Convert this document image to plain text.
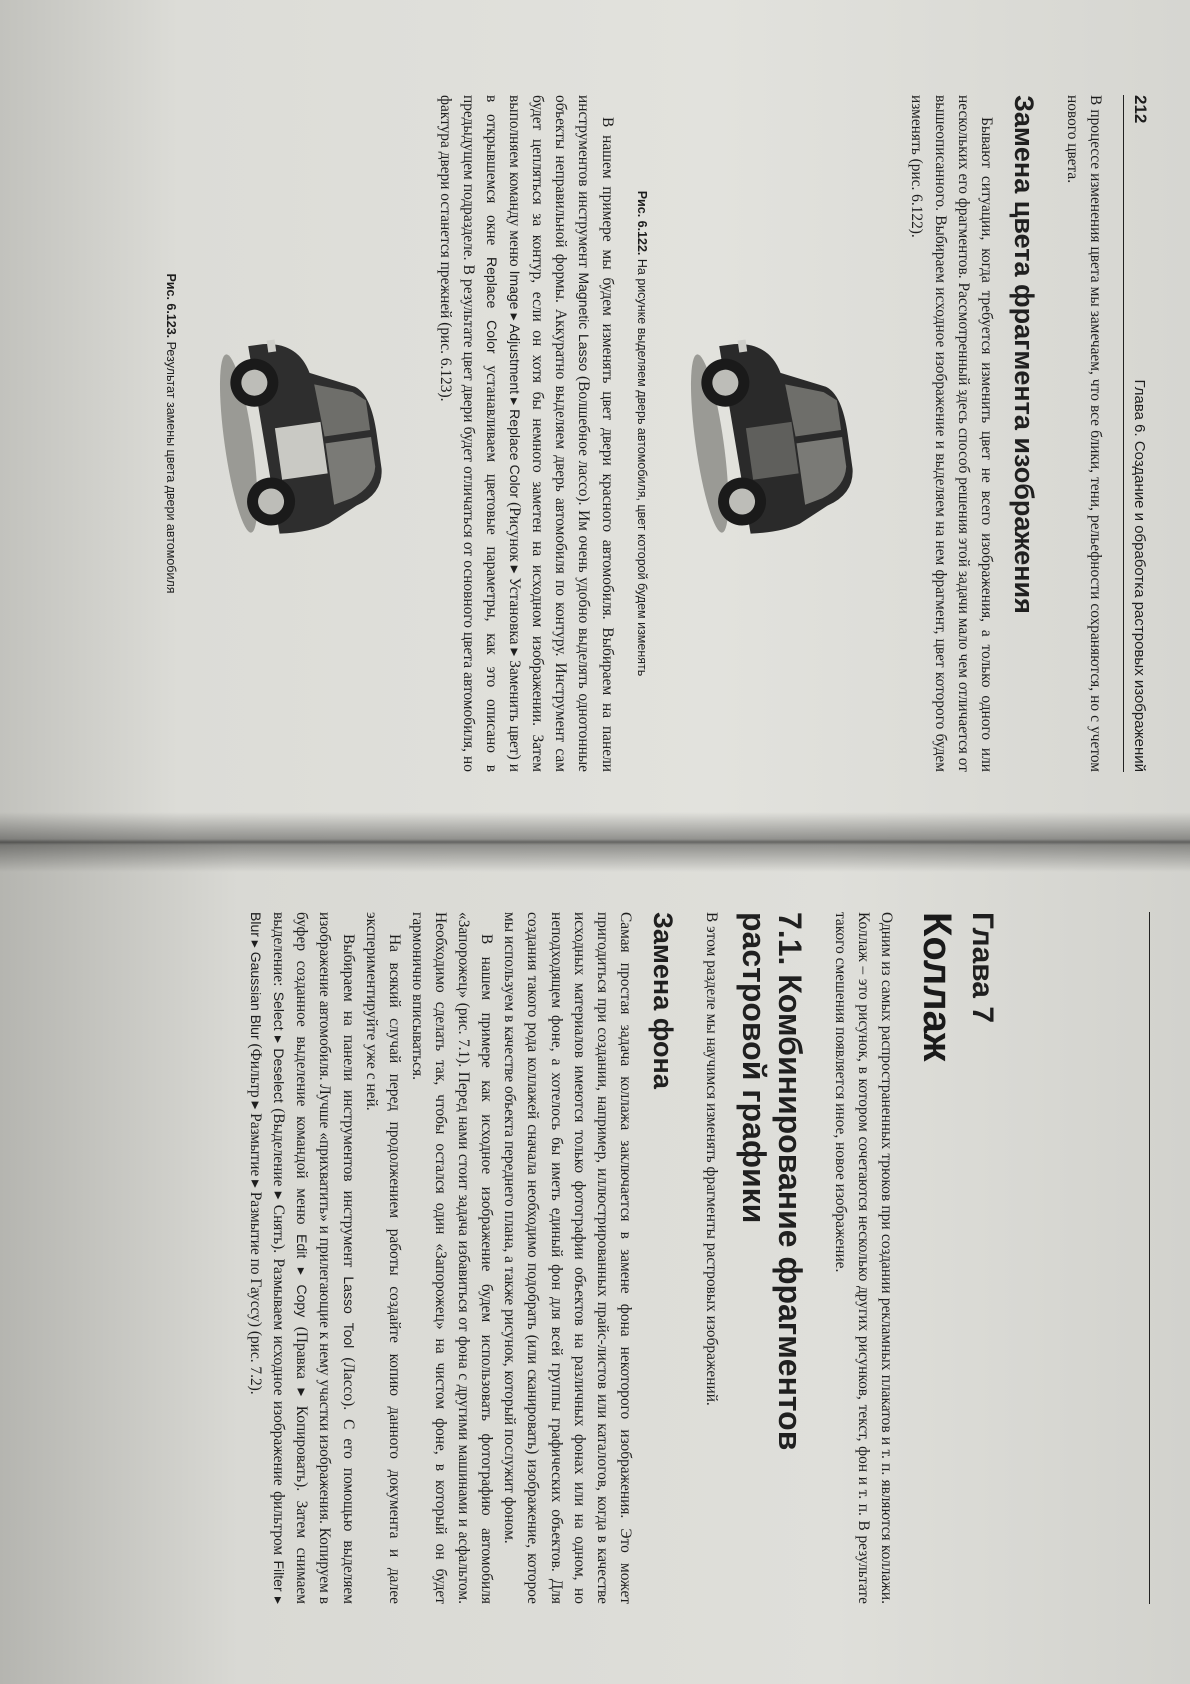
212
Глава 6. Создание и обработка растровых изображений

В процессе изменения цвета мы замечаем, что все блики, тени, рельефности сохраняются, но с учетом нового цвета.

Замена цвета фрагмента изображения

Бывают ситуации, когда требуется изменить цвет не всего изображения, а только одного или нескольких его фрагментов. Рассмотренный здесь способ решения этой задачи мало чем отличается от вышеописанного. Выбираем исходное изображение и выделяем на нем фрагмент, цвет которого будем изменять (рис. 6.122).

Рис. 6.122. На рисунке выделяем дверь автомобиля, цвет которой будем изменять

В нашем примере мы будем изменять цвет двери красного автомобиля. Выбираем на панели инструментов инструмент Magnetic Lasso (Волшебное лассо). Им очень удобно выделять однотонные объекты неправильной формы. Аккуратно выделяем дверь автомобиля по контуру. Инструмент сам будет цепляться за контур, если он хотя бы немного заметен на исходном изображении. Затем выполняем команду меню Image ▸ Adjustment ▸ Replace Color (Рисунок ▸ Установка ▸ Заменить цвет) и в открывшемся окне Replace Color устанавливаем цветовые параметры, как это описано в предыдущем подразделе. В результате цвет двери будет отличаться от основного цвета автомобиля, но фактура двери останется прежней (рис. 6.123).

Рис. 6.123. Результат замены цвета двери автомобиля

Глава 7
Коллаж

Одним из самых распространенных трюков при создании рекламных плакатов и т. п. являются коллажи. Коллаж – это рисунок, в котором сочетаются несколько других рисунков, текст, фон и т. п. В результате такого смешения появляется иное, новое изображение.

7.1. Комбинирование фрагментов растровой графики

В этом разделе мы научимся изменять фрагменты растровых изображений.

Замена фона

Самая простая задача коллажа заключается в замене фона некоторого изображения. Это может пригодиться при создании, например, иллюстрированных прайс-листов или каталогов, когда в качестве исходных материалов имеются только фотографии объектов на различных фонах или на одном, но неподходящем фоне, а хотелось бы иметь единый фон для всей группы графических объектов. Для создания такого рода коллажей сначала необходимо подобрать (или сканировать) изображение, которое мы используем в качестве объекта переднего плана, а также рисунок, который послужит фоном.

В нашем примере как исходное изображение будем использовать фотографию автомобиля «Запорожец» (рис. 7.1). Перед нами стоит задача избавиться от фона с другими машинами и асфальтом. Необходимо сделать так, чтобы остался один «Запорожец» на чистом фоне, в который он будет гармонично вписываться.

На всякий случай перед продолжением работы создайте копию данного документа и далее экспериментируйте уже с ней.

Выбираем на панели инструментов инструмент Lasso Tool (Лассо). С его помощью выделяем изображение автомобиля. Лучше «прихватить» и прилегающие к нему участки изображения. Копируем в буфер созданное выделение командой меню Edit ▸ Copy (Правка ▸ Копировать). Затем снимаем выделение: Select ▸ Deselect (Выделение ▸ Снять). Размываем исходное изображение фильтром Filter ▸ Blur ▸ Gaussian Blur (Фильтр ▸ Размытие ▸ Размытие по Гауссу) (рис. 7.2).
